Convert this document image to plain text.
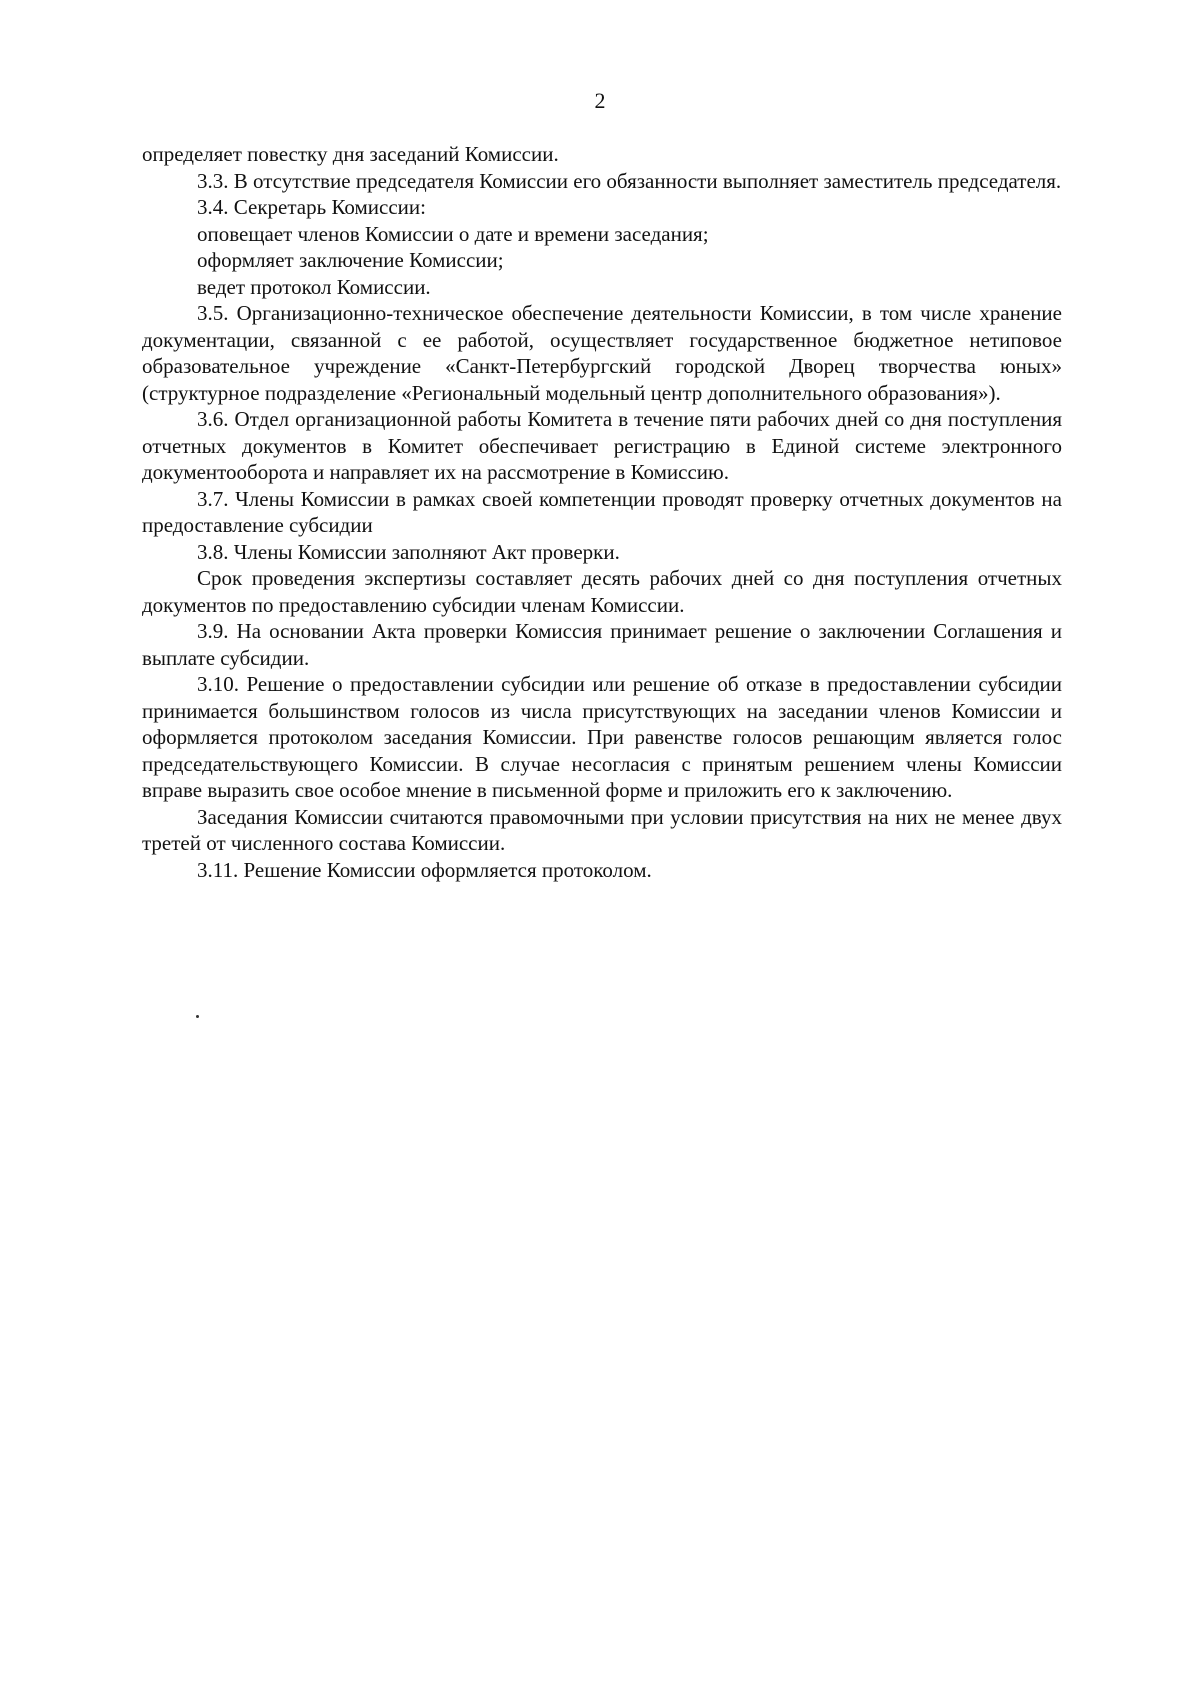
2

определяет повестку дня заседаний Комиссии.

3.3. В отсутствие председателя Комиссии его обязанности выполняет заместитель председателя.

3.4. Секретарь Комиссии:

оповещает членов Комиссии о дате и времени заседания;

оформляет заключение Комиссии;

ведет протокол Комиссии.

3.5. Организационно-техническое обеспечение деятельности Комиссии, в том числе хранение документации, связанной с ее работой, осуществляет государственное бюджетное нетиповое образовательное учреждение «Санкт-Петербургский городской Дворец творчества юных» (структурное подразделение «Региональный модельный центр дополнительного образования»).

3.6. Отдел организационной работы Комитета в течение пяти рабочих дней со дня поступления отчетных документов в Комитет обеспечивает регистрацию в Единой системе электронного документооборота и направляет их на рассмотрение в Комиссию.

3.7. Члены Комиссии в рамках своей компетенции проводят проверку отчетных документов на предоставление субсидии

3.8. Члены Комиссии заполняют Акт проверки.

Срок проведения экспертизы составляет десять рабочих дней со дня поступления отчетных документов по предоставлению субсидии членам Комиссии.

3.9. На основании Акта проверки Комиссия принимает решение о заключении Соглашения и выплате субсидии.

3.10. Решение о предоставлении субсидии или решение об отказе в предоставлении субсидии принимается большинством голосов из числа присутствующих на заседании членов Комиссии и оформляется протоколом заседания Комиссии. При равенстве голосов решающим является голос председательствующего Комиссии. В случае несогласия с принятым решением члены Комиссии вправе выразить свое особое мнение в письменной форме и приложить его к заключению.

Заседания Комиссии считаются правомочными при условии присутствия на них не менее двух третей от численного состава Комиссии.

3.11. Решение Комиссии оформляется протоколом.
